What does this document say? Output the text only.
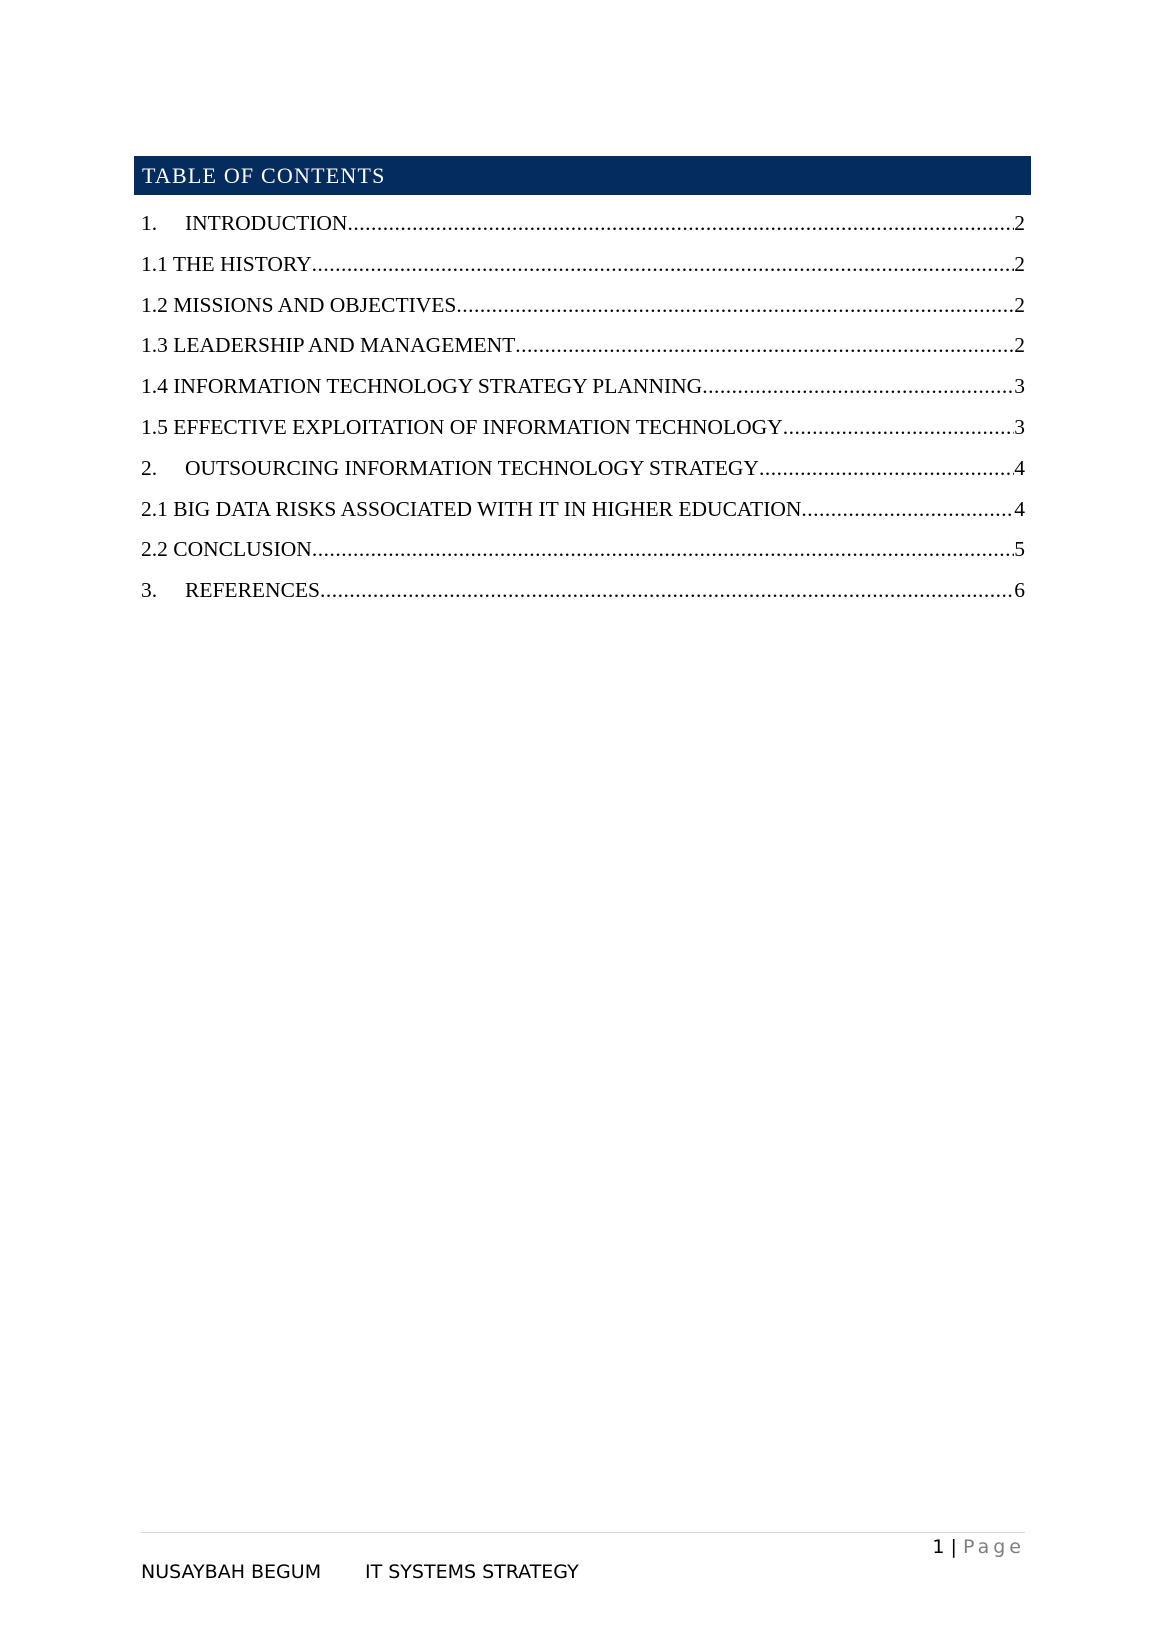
TABLE OF CONTENTS
1.	INTRODUCTION .....	2
1.1 THE HISTORY .....	2
1.2 MISSIONS AND OBJECTIVES .....	2
1.3 LEADERSHIP AND MANAGEMENT .....	2
1.4 INFORMATION TECHNOLOGY STRATEGY PLANNING .....	3
1.5 EFFECTIVE EXPLOITATION OF INFORMATION TECHNOLOGY .....	3
2.	OUTSOURCING INFORMATION TECHNOLOGY STRATEGY .....	4
2.1 BIG DATA RISKS ASSOCIATED WITH IT IN HIGHER EDUCATION .....	4
2.2 CONCLUSION .....	5
3.	REFERENCES .....	6
1 | Page
NUSAYBAH BEGUM IT SYSTEMS STRATEGY
